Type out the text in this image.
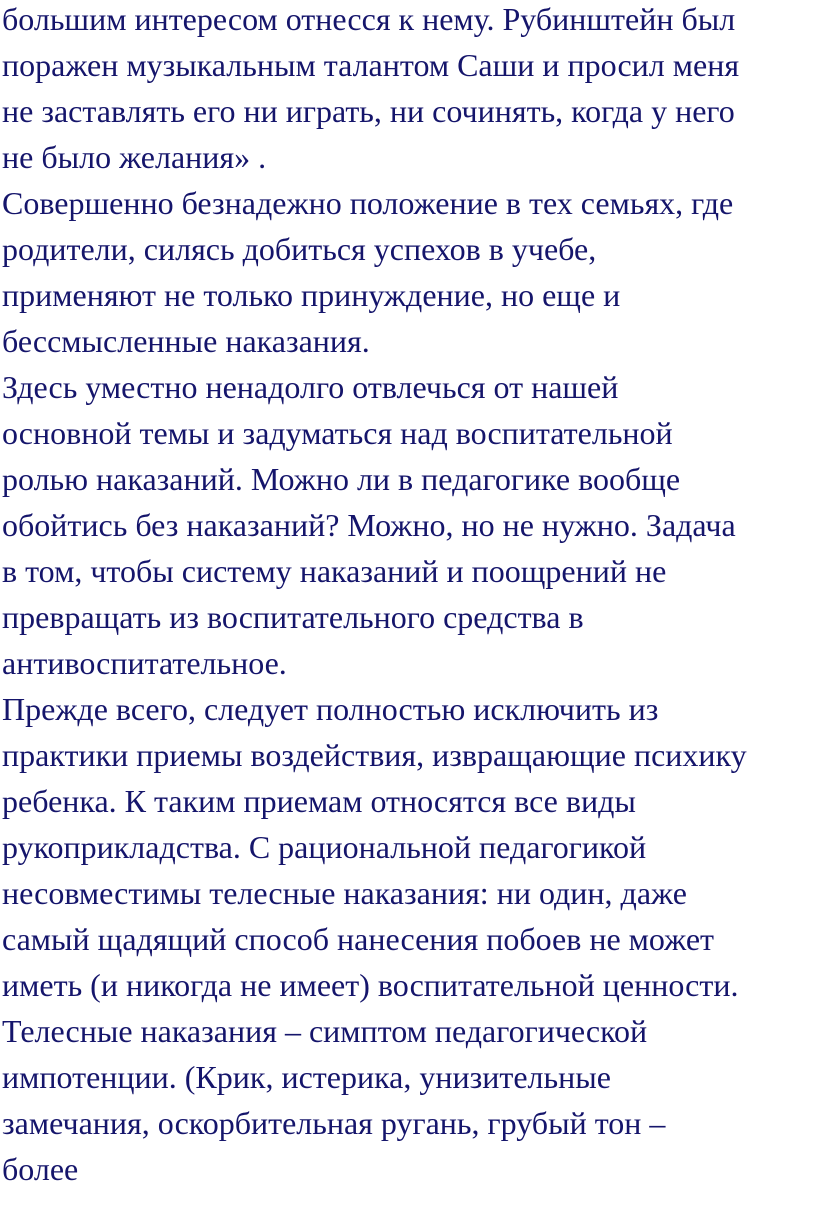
большим интересом отнесся к нему. Рубинштейн был
поражен музыкальным талантом Саши и просил меня
не заставлять его ни играть, ни сочинять, когда у него
не было желания» .
Совершенно безнадежно положение в тех семьях, где
родители, силясь добиться успехов в учебе,
применяют не только принуждение, но еще и
бессмысленные наказания.
Здесь уместно ненадолго отвлечься от нашей
основной темы и задуматься над воспитательной
ролью наказаний. Можно ли в педагогике вообще
обойтись без наказаний? Можно, но не нужно. Задача
в том, чтобы систему наказаний и поощрений не
превращать из воспитательного средства в
антивоспитательное.
Прежде всего, следует полностью исключить из
практики приемы воздействия, извращающие психику
ребенка. К таким приемам относятся все виды
рукоприкладства. С рациональной педагогикой
несовместимы телесные наказания: ни один, даже
самый щадящий способ нанесения побоев не может
иметь (и никогда не имеет) воспитательной ценности.
Телесные наказания – симптом педагогической
импотенции. (Крик, истерика, унизительные
замечания, оскорбительная ругань, грубый тон –
более
